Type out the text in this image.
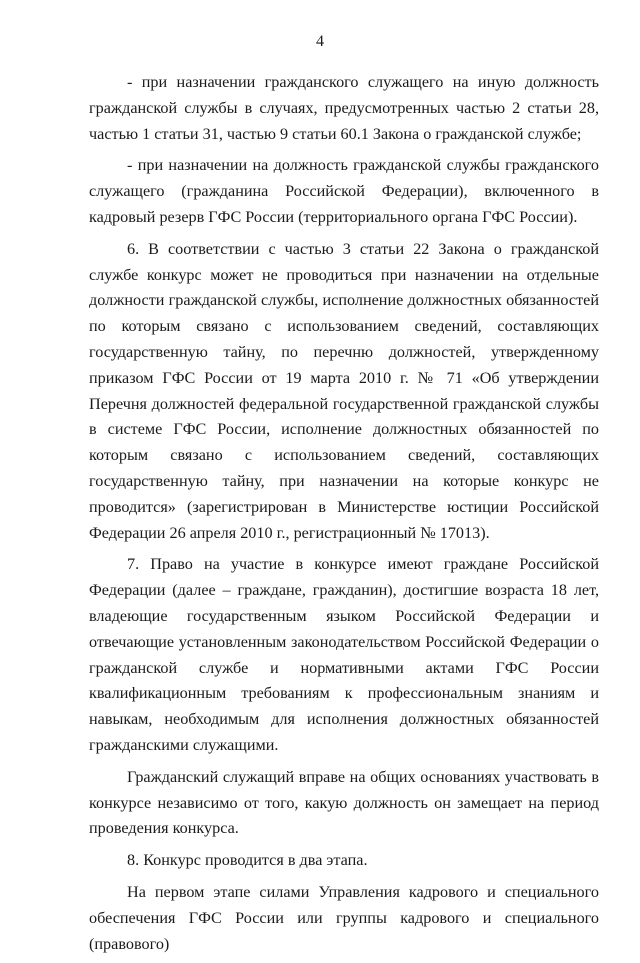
4

- при назначении гражданского служащего на иную должность гражданской службы в случаях, предусмотренных частью 2 статьи 28, частью 1 статьи 31, частью 9 статьи 60.1 Закона о гражданской службе;

- при назначении на должность гражданской службы гражданского служащего (гражданина Российской Федерации), включенного в кадровый резерв ГФС России (территориального органа ГФС России).

6. В соответствии с частью 3 статьи 22 Закона о гражданской службе конкурс может не проводиться при назначении на отдельные должности гражданской службы, исполнение должностных обязанностей по которым связано с использованием сведений, составляющих государственную тайну, по перечню должностей, утвержденному приказом ГФС России от 19 марта 2010 г. № 71 «Об утверждении Перечня должностей федеральной государственной гражданской службы в системе ГФС России, исполнение должностных обязанностей по которым связано с использованием сведений, составляющих государственную тайну, при назначении на которые конкурс не проводится» (зарегистрирован в Министерстве юстиции Российской Федерации 26 апреля 2010 г., регистрационный № 17013).

7. Право на участие в конкурсе имеют граждане Российской Федерации (далее – граждане, гражданин), достигшие возраста 18 лет, владеющие государственным языком Российской Федерации и отвечающие установленным законодательством Российской Федерации о гражданской службе и нормативными актами ГФС России квалификационным требованиям к профессиональным знаниям и навыкам, необходимым для исполнения должностных обязанностей гражданскими служащими.

Гражданский служащий вправе на общих основаниях участвовать в конкурсе независимо от того, какую должность он замещает на период проведения конкурса.

8. Конкурс проводится в два этапа.

На первом этапе силами Управления кадрового и специального обеспечения ГФС России или группы кадрового и специального (правового)
